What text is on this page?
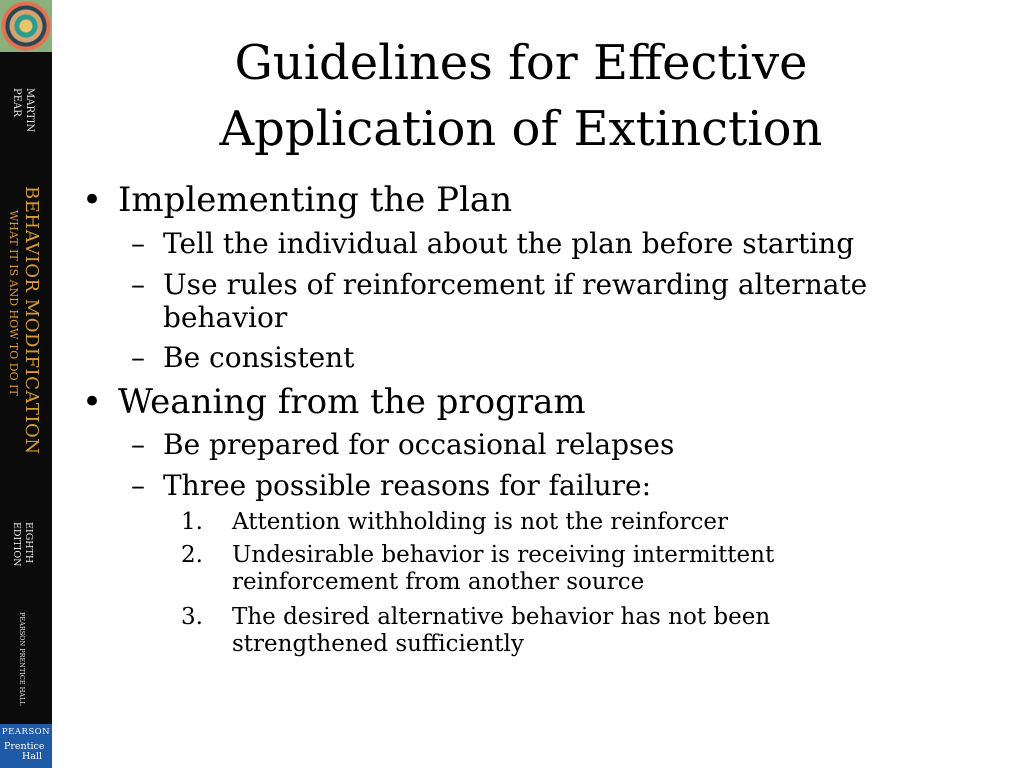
MARTIN
PEAR
BEHAVIOR MODIFICATION
WHAT IT IS AND HOW TO DO IT
EIGHTH
EDITION
PEARSON PRENTICE HALL
PEARSON
Prentice
Hall
Guidelines for Effective
Application of Extinction
• Implementing the Plan
– Tell the individual about the plan before starting
– Use rules of reinforcement if rewarding alternate behavior
– Be consistent
• Weaning from the program
– Be prepared for occasional relapses
– Three possible reasons for failure:
1.	Attention withholding is not the reinforcer
2.	Undesirable behavior is receiving intermittent reinforcement from another source
3.	The desired alternative behavior has not been strengthened sufficiently
